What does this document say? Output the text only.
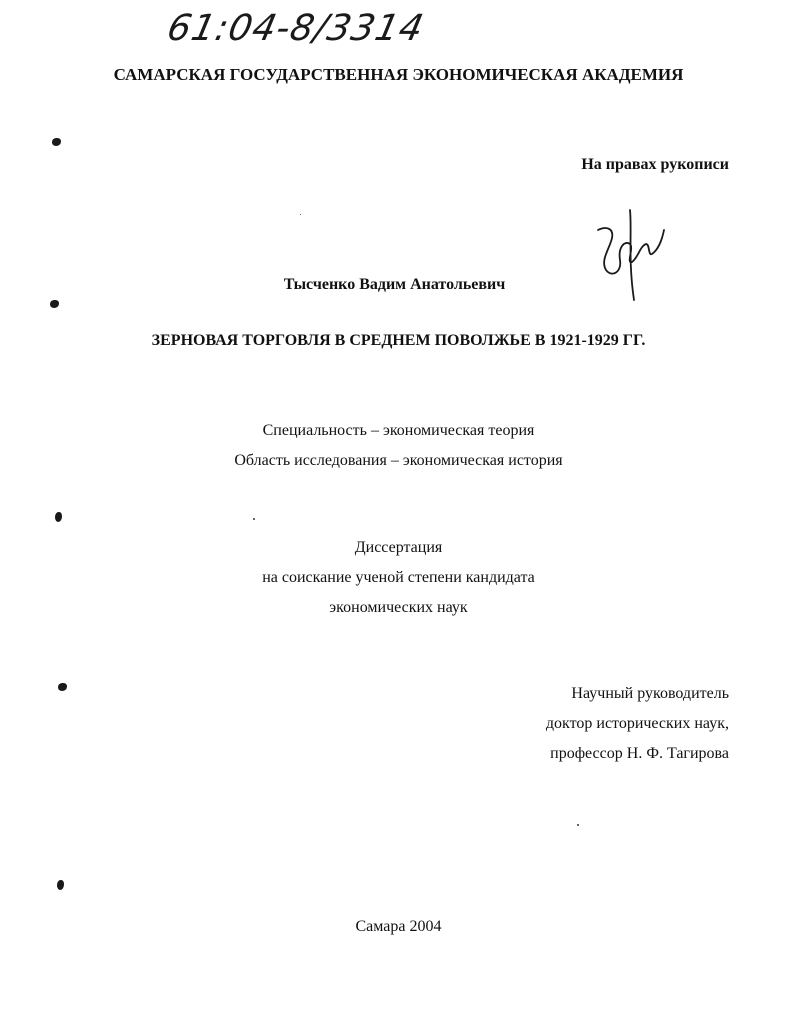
61:04-8/3314
САМАРСКАЯ ГОСУДАРСТВЕННАЯ ЭКОНОМИЧЕСКАЯ АКАДЕМИЯ
На правах рукописи
Тысченко Вадим Анатольевич
ЗЕРНОВАЯ ТОРГОВЛЯ В СРЕДНЕМ ПОВОЛЖЬЕ В 1921-1929 ГГ.
Специальность – экономическая теория
Область исследования – экономическая история
Диссертация
на соискание ученой степени кандидата
экономических наук
Научный руководитель
доктор исторических наук,
профессор Н. Ф. Тагирова
Самара 2004
